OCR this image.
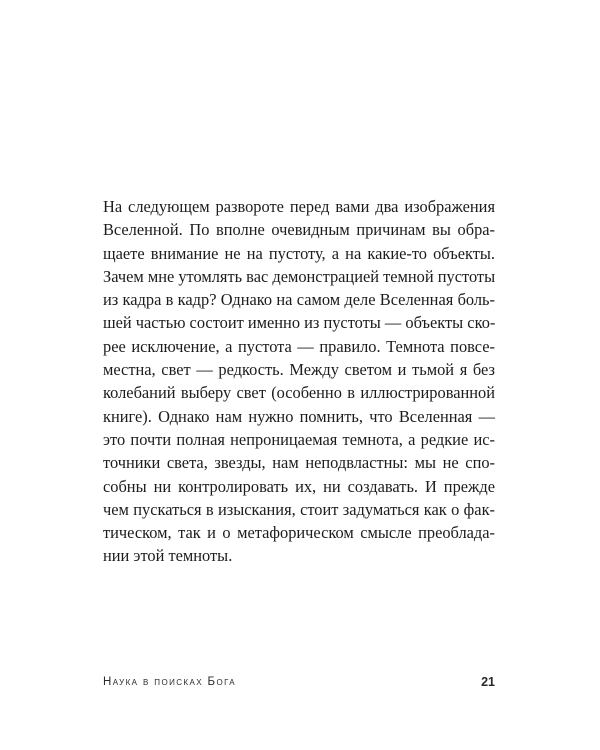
На следующем развороте перед вами два изображения
Вселенной. По вполне очевидным причинам вы обра-
щаете внимание не на пустоту, а на какие-то объекты.
Зачем мне утомлять вас демонстрацией темной пустоты
из кадра в кадр? Однако на самом деле Вселенная боль-
шей частью состоит именно из пустоты — объекты ско-
рее исключение, а пустота — правило. Темнота повсе-
местна, свет — редкость. Между светом и тьмой я без
колебаний выберу свет (особенно в иллюстрированной
книге). Однако нам нужно помнить, что Вселенная —
это почти полная непроницаемая темнота, а редкие ис-
точники света, звезды, нам неподвластны: мы не спо-
собны ни контролировать их, ни создавать. И прежде
чем пускаться в изыскания, стоит задуматься как о фак-
тическом, так и о метафорическом смысле преоблада-
нии этой темноты.
Наука в поисках Бога	21
